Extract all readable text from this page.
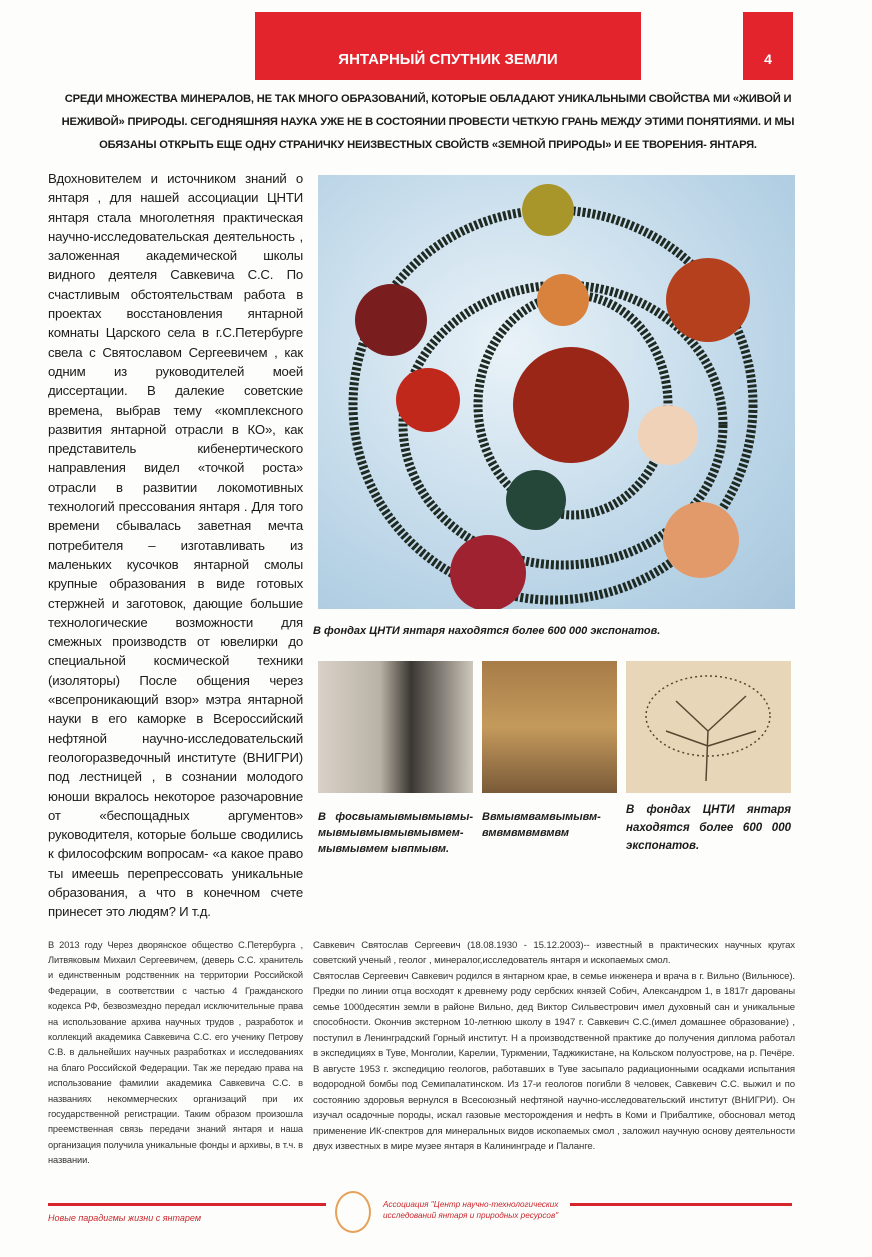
ЯНТАРНЫЙ СПУТНИК ЗЕМЛИ	4
СРЕДИ МНОЖЕСТВА МИНЕРАЛОВ, НЕ ТАК МНОГО ОБРАЗОВАНИЙ, КОТОРЫЕ ОБЛАДАЮТ УНИКАЛЬНЫМИ СВОЙСТВА МИ «ЖИВОЙ И НЕЖИВОЙ» ПРИРОДЫ. СЕГОДНЯШНЯЯ НАУКА УЖЕ НЕ В СОСТОЯНИИ ПРОВЕСТИ ЧЕТКУЮ ГРАНЬ МЕЖДУ ЭТИМИ ПОНЯТИЯМИ. И МЫ ОБЯЗАНЫ ОТКРЫТЬ ЕЩЕ ОДНУ СТРАНИЧКУ НЕИЗВЕСТНЫХ СВОЙСТВ «ЗЕМНОЙ ПРИРОДЫ» И ЕЕ ТВОРЕНИЯ- ЯНТАРЯ.
Вдохновителем и источником знаний о янтаря , для нашей ассоциации ЦНТИ янтаря стала многолетняя практическая научно-исследовательская деятельность , заложенная академической школы видного деятеля Савкевича С.С. По счастливым обстоятельствам работа в проектах восстановления янтарной комнаты Царского села в г.С.Петербурге свела с Святославом Сергеевичем , как одним из руководителей моей диссертации. В далекие советские времена, выбрав тему «комплексного развития янтарной отрасли в КО», как представитель кибенертического направления видел «точкой роста» отрасли в развитии локомотивных технологий прессования янтаря . Для того времени сбывалась заветная мечта потребителя – изготавливать из маленьких кусочков янтарной смолы крупные образования в виде готовых стержней и заготовок, дающие большие технологические возможности для смежных производств от ювелирки до специальной космической техники (изоляторы) После общения через «всепроникающий взор» мэтра янтарной науки в его каморке в Всероссийский нефтяной научно-исследовательский геологоразведочный институте (ВНИГРИ) под лестницей , в сознании молодого юноши вкралось некоторое разочаровние от «беспощадных аргументов» руководителя, которые больше сводились к философским вопросам- «а какое право ты имеешь перепрессовать уникальные образования, а что в конечном счете принесет это людям? И т.д.
В фондах ЦНТИ янтаря находятся более 600 000 экспонатов.
В фосвыамывмывмывмы-мывмывмывмывмывмем-мывмывмем ывпмывм.
Ввмывмвамвымывм-вмвмвмвмвмвм
В фондах ЦНТИ янтаря находятся более 600 000 экспонатов.

В 2013 году Через дворянское общество С.Петербурга , Литвяковым Михаил Сергеевичем, (деверь С.С. хранитель и единственным родственник на территории Российской Федерации, в соответствии с частью 4 Гражданского кодекса РФ, безвозмездно передал исключительные права на использование архива научных трудов , разработок и коллекций академика Савкевича С.С. его ученику Петрову С.В. в дальнейших научных разработках и исследованиях на благо Российской Федерации. Так же передаю права на использование фамилии академика Савкевича С.С. в названиях некоммерческих организаций при их государственной регистрации. Таким образом произошла преемственная связь передачи знаний янтаря и наша организация получила уникальные фонды и архивы, в т.ч. в названии.

Савкевич Святослав Сергеевич (18.08.1930 - 15.12.2003)-- известный в практических научных кругах советский ученый , геолог , минералог,исследователь янтаря и ископаемых смол.

Святослав Сергеевич Савкевич родился в янтарном крае, в семье инженера и врача в г. Вильно (Вильнюсе). Предки по линии отца восходят к древнему роду сербских князей Собич, Александром 1, в 1817г дарованы семье 1000десятин земли в районе Вильно, дед Виктор Сильвестрович имел духовный сан и уникальные способности. Окончив экстерном 10-летнюю школу в 1947 г. Савкевич С.С.(имел домашнее образование) , поступил в Ленинградский Горный институт. Н а производственной практике до получения диплома работал в экспедициях в Туве, Монголии, Карелии, Туркмении, Таджикистане, на Кольском полуострове, на р. Печёре.

В августе 1953 г. экспедицию геологов, работавших в Туве засыпало радиационными осадками испытания водородной бомбы под Семипалатинском. Из 17-и геологов погибли 8 человек, Савкевич С.С. выжил и по состоянию здоровья вернулся в Всесоюзный нефтяной научно-исследовательский институт (ВНИГРИ). Он изучал осадочные породы, искал газовые месторождения и нефть в Коми и Прибалтике, обосновал метод применение ИК-спектров для минеральных видов ископаемых смол , заложил научную основу деятельности двух известных в мире музее янтаря в Калининграде и Паланге.

Новые парадигмы жизни с янтарем
Ассоциация "Центр научно-технологических исследований янтаря и природных ресурсов"
